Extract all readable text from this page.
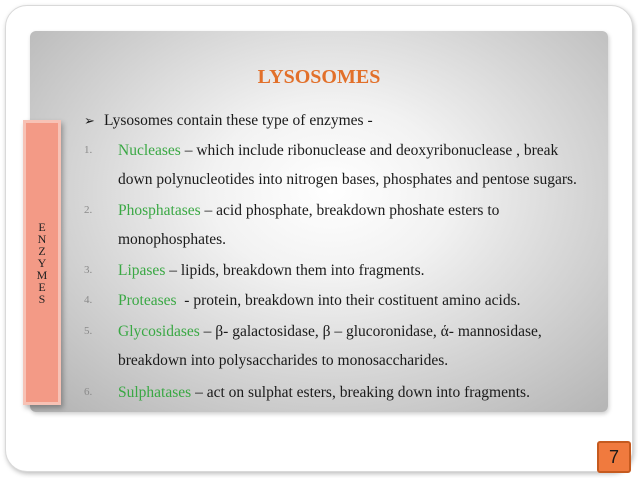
E
N
Z
Y
M
E
S
LYSOSOMES
➢ Lysosomes contain these type of enzymes -
1. Nucleases – which include ribonuclease and deoxyribonuclease , break
down polynucleotides into nitrogen bases, phosphates and pentose sugars.
2. Phosphatases – acid phosphate, breakdown phoshate esters to
monophosphates.
3. Lipases – lipids, breakdown them into fragments.
4. Proteases  - protein, breakdown into their costituent amino acids.
5. Glycosidases – β- galactosidase, β – glucoronidase, ά- mannosidase,
breakdown into polysaccharides to monosaccharides.
6. Sulphatases – act on sulphat esters, breaking down into fragments.
7
